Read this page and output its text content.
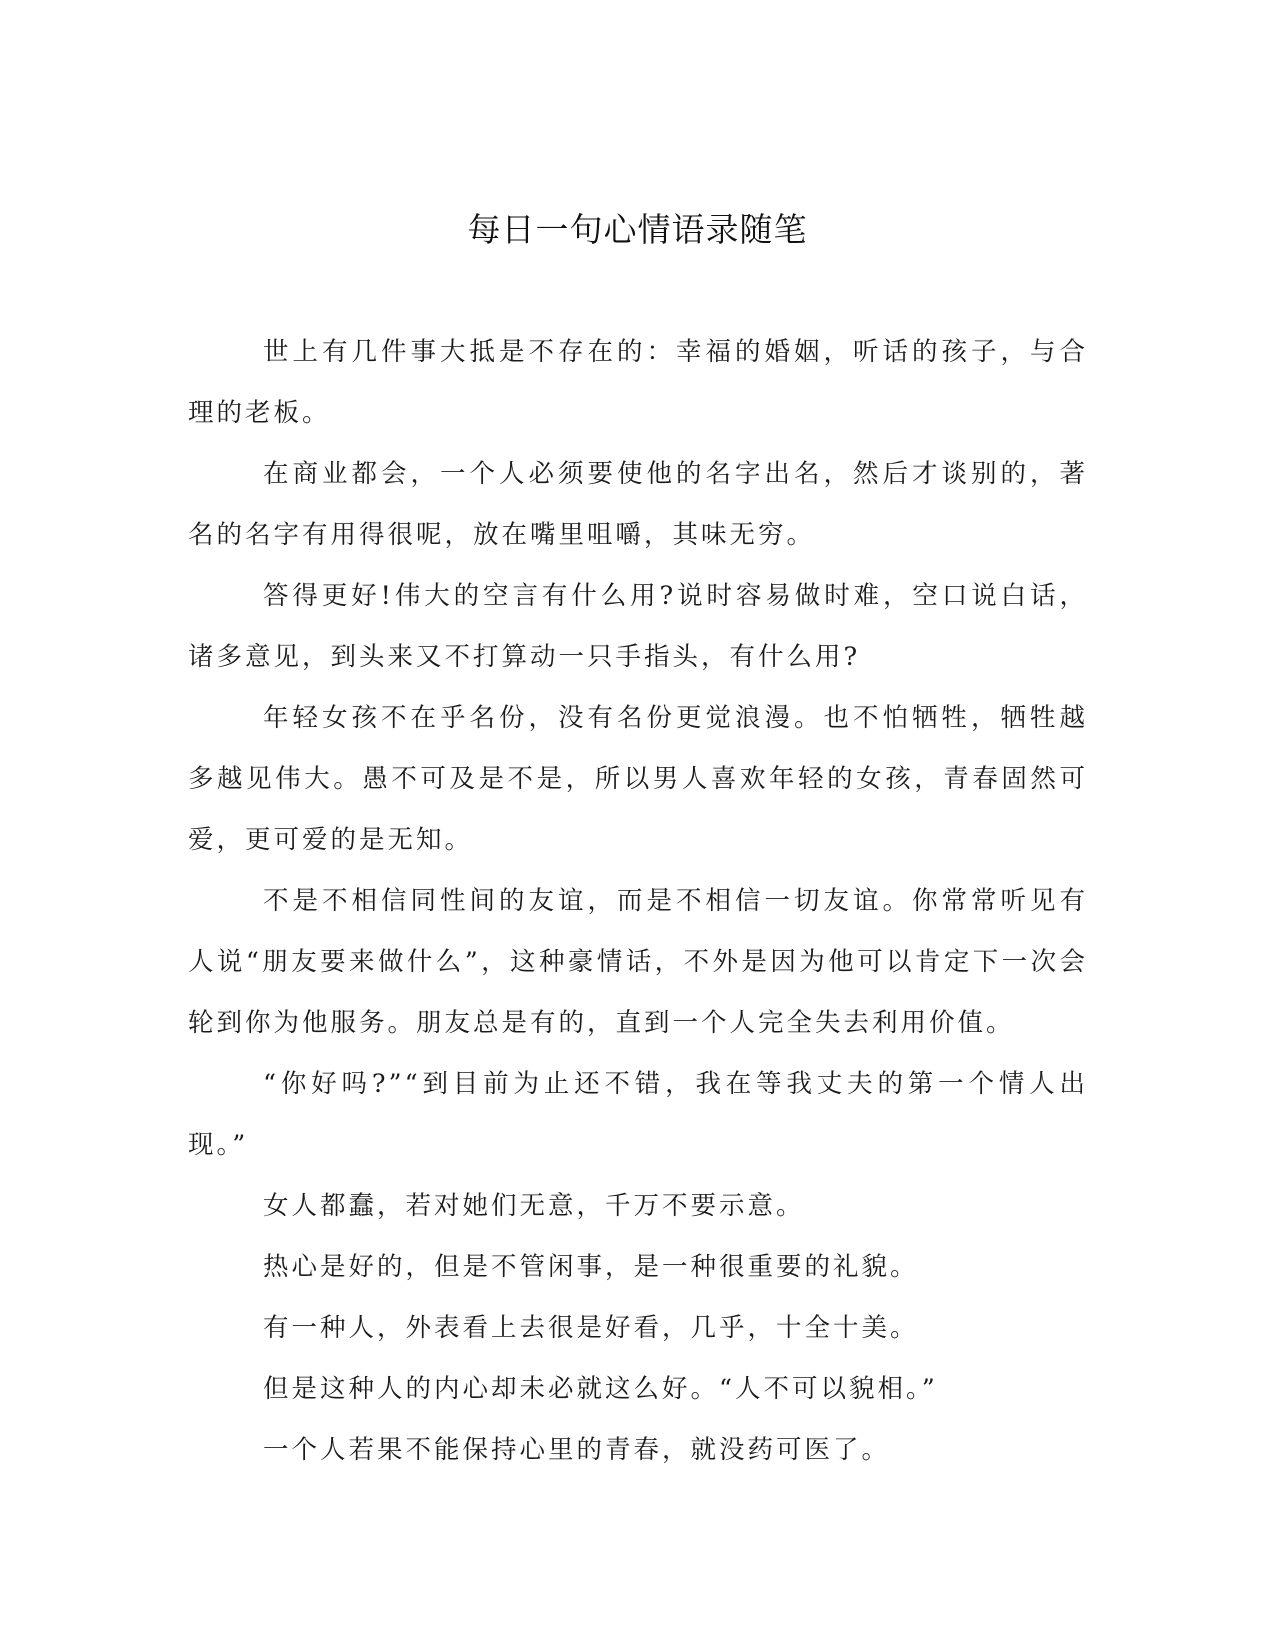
每日一句心情语录随笔

世上有几件事大抵是不存在的：幸福的婚姻，听话的孩子，与合理的老板。

在商业都会，一个人必须要使他的名字出名，然后才谈别的，著名的名字有用得很呢，放在嘴里咀嚼，其味无穷。

答得更好!伟大的空言有什么用?说时容易做时难，空口说白话，诸多意见，到头来又不打算动一只手指头，有什么用?

年轻女孩不在乎名份，没有名份更觉浪漫。也不怕牺牲，牺牲越多越见伟大。愚不可及是不是，所以男人喜欢年轻的女孩，青春固然可爱，更可爱的是无知。

不是不相信同性间的友谊，而是不相信一切友谊。你常常听见有人说“朋友要来做什么”，这种豪情话，不外是因为他可以肯定下一次会轮到你为他服务。朋友总是有的，直到一个人完全失去利用价值。

“你好吗?”“到目前为止还不错，我在等我丈夫的第一个情人出现。”

女人都蠢，若对她们无意，千万不要示意。

热心是好的，但是不管闲事，是一种很重要的礼貌。

有一种人，外表看上去很是好看，几乎，十全十美。

但是这种人的内心却未必就这么好。“人不可以貌相。”

一个人若果不能保持心里的青春，就没药可医了。
